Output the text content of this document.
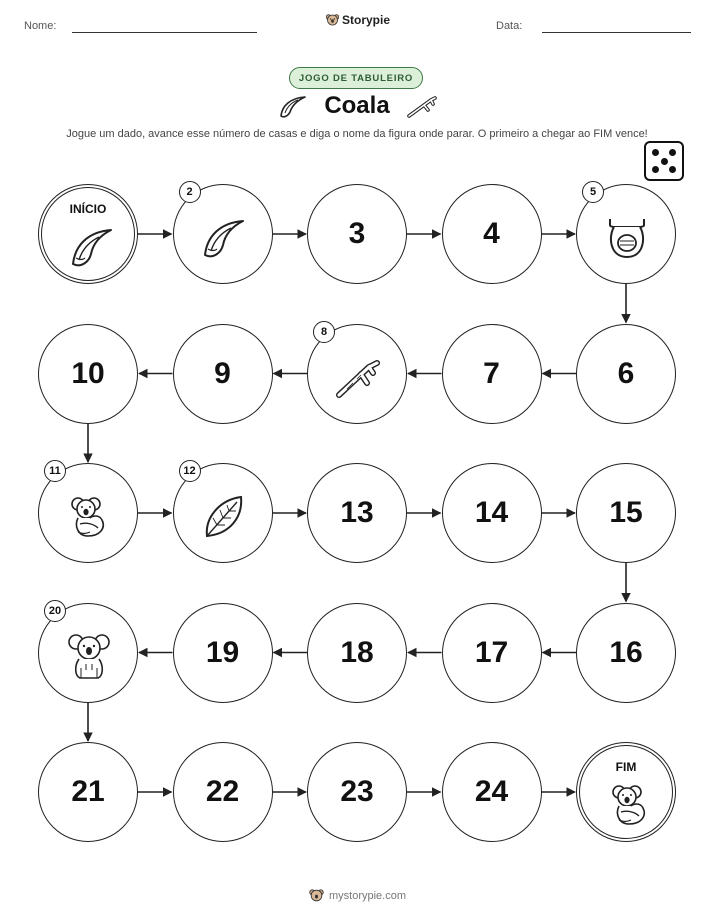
Nome:	Storypie	Data:
JOGO DE TABULEIRO
Coala
Jogue um dado, avance esse número de casas e diga o nome da figura onde parar. O primeiro a chegar ao FIM vence!
INÍCIO
2
3	4
5
6
7
8
9
10
11	12
13	14	15
16
17
18
19
20
21	22	23	24
FIM
mystorypie.com
